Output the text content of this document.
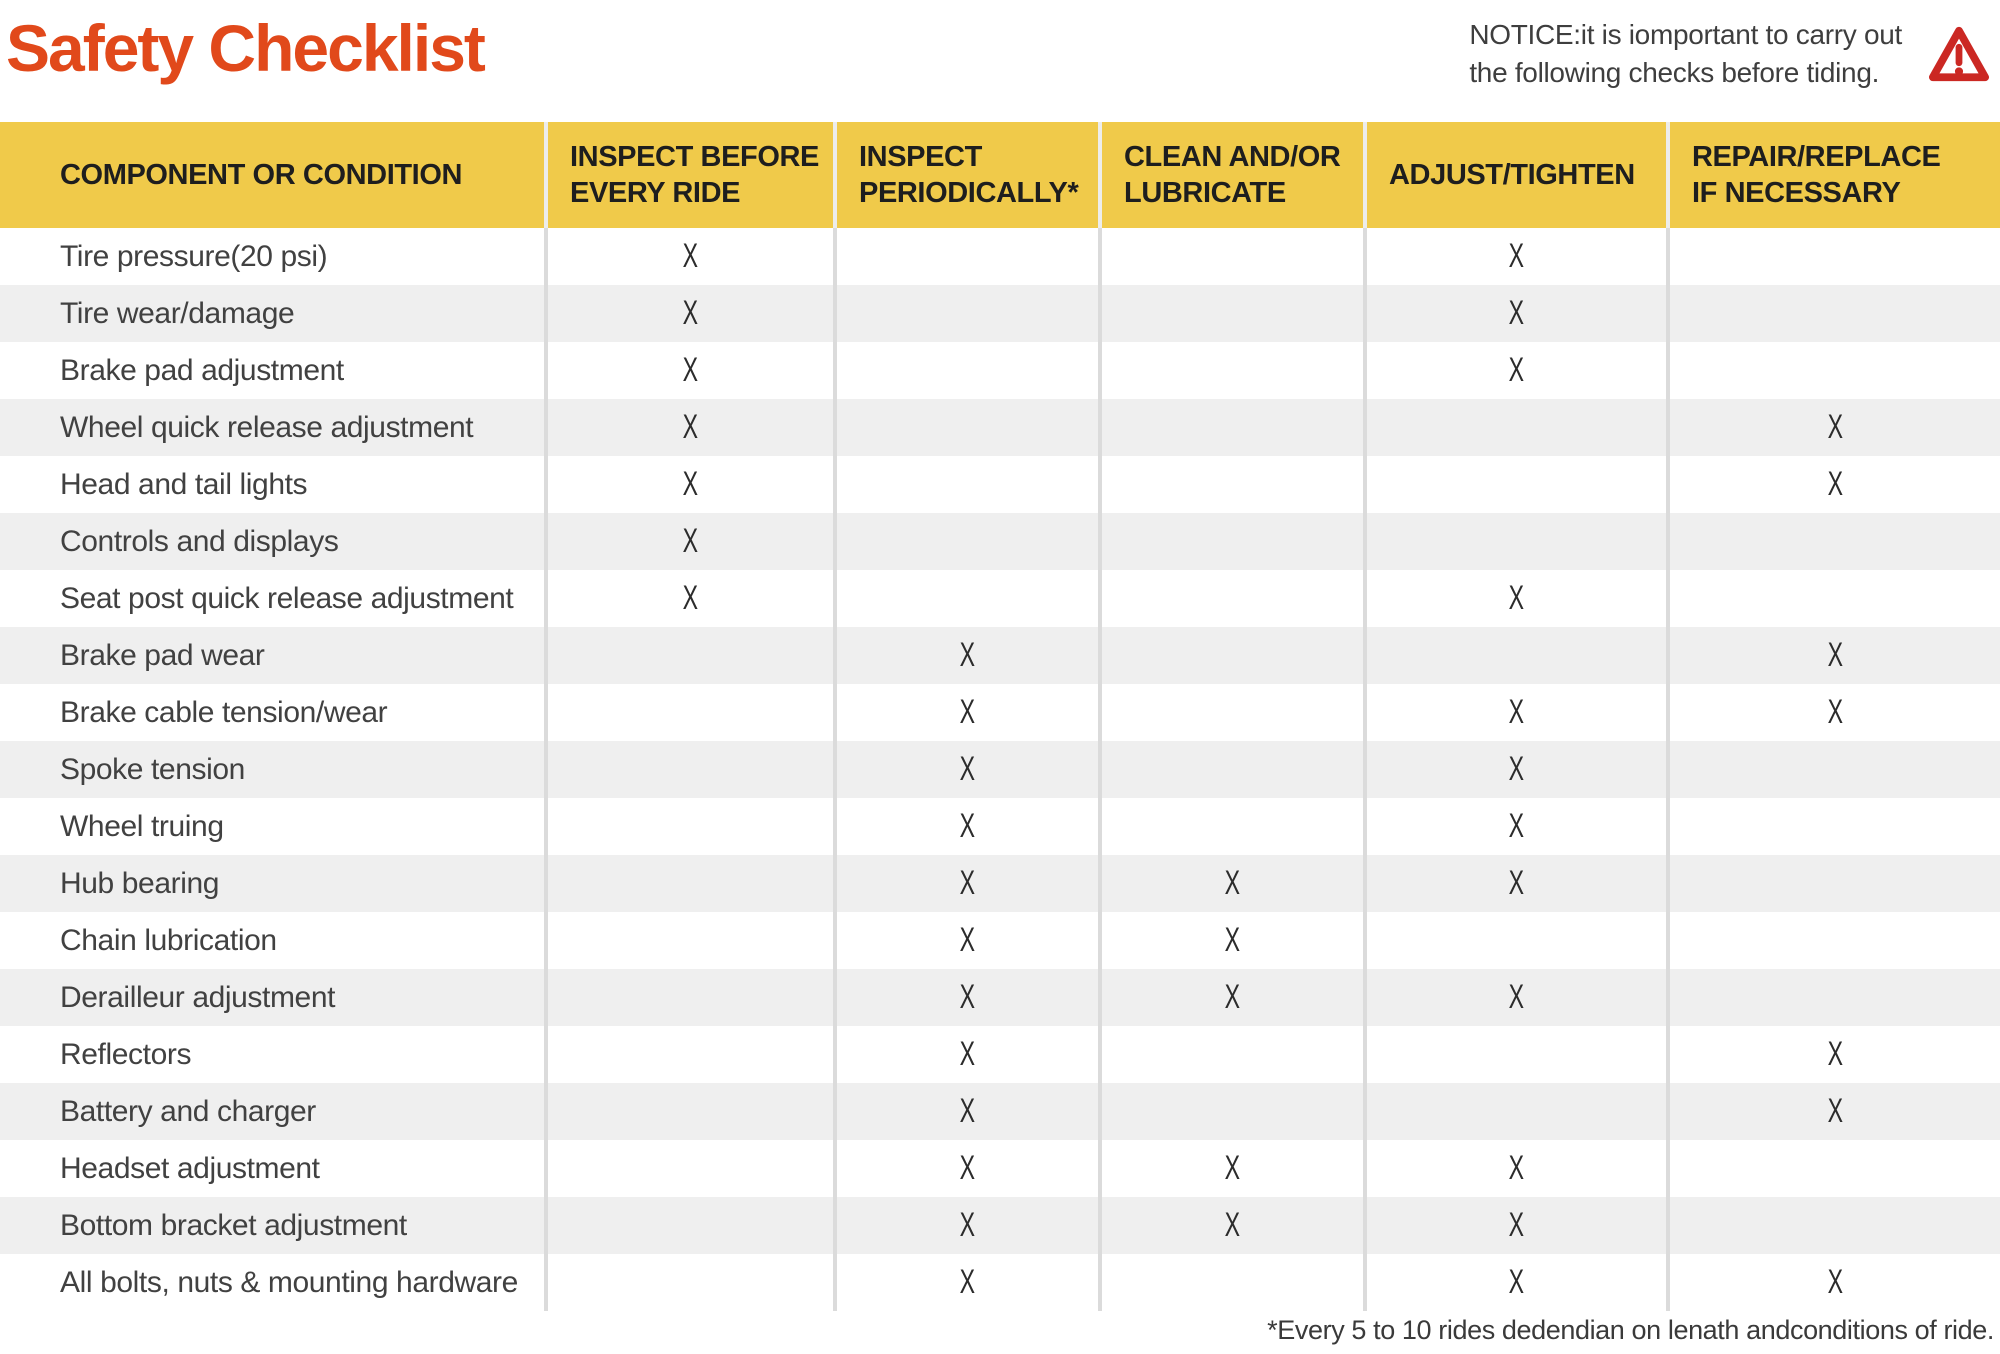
Safety Checklist	NOTICE:it is iomportant to carry out
the following checks before tiding.
COMPONENT OR CONDITION

INSPECT BEFORE
EVERY RIDE

INSPECT
PERIODICALLY*

CLEAN AND/OR
LUBRICATE

ADJUST/TIGHTEN

REPAIR/REPLACE
IF NECESSARY

Tire pressure(20 psi)	X			X	
Tire wear/damage	X			X	
Brake pad adjustment	X			X	
Wheel quick release adjustment	X				X
Head and tail lights	X				X
Controls and displays	X				
Seat post quick release adjustment	X			X	
Brake pad wear		X			X
Brake cable tension/wear		X		X	X
Spoke tension		X		X	
Wheel truing		X		X	
Hub bearing		X	X	X	
Chain lubrication		X	X		
Derailleur adjustment		X	X	X	
Reflectors		X			X
Battery and charger		X			X
Headset adjustment		X	X	X	
Bottom bracket adjustment		X	X	X	
All bolts, nuts & mounting hardware		X		X	X
*Every 5 to 10 rides dedendian on lenath andconditions of ride.
